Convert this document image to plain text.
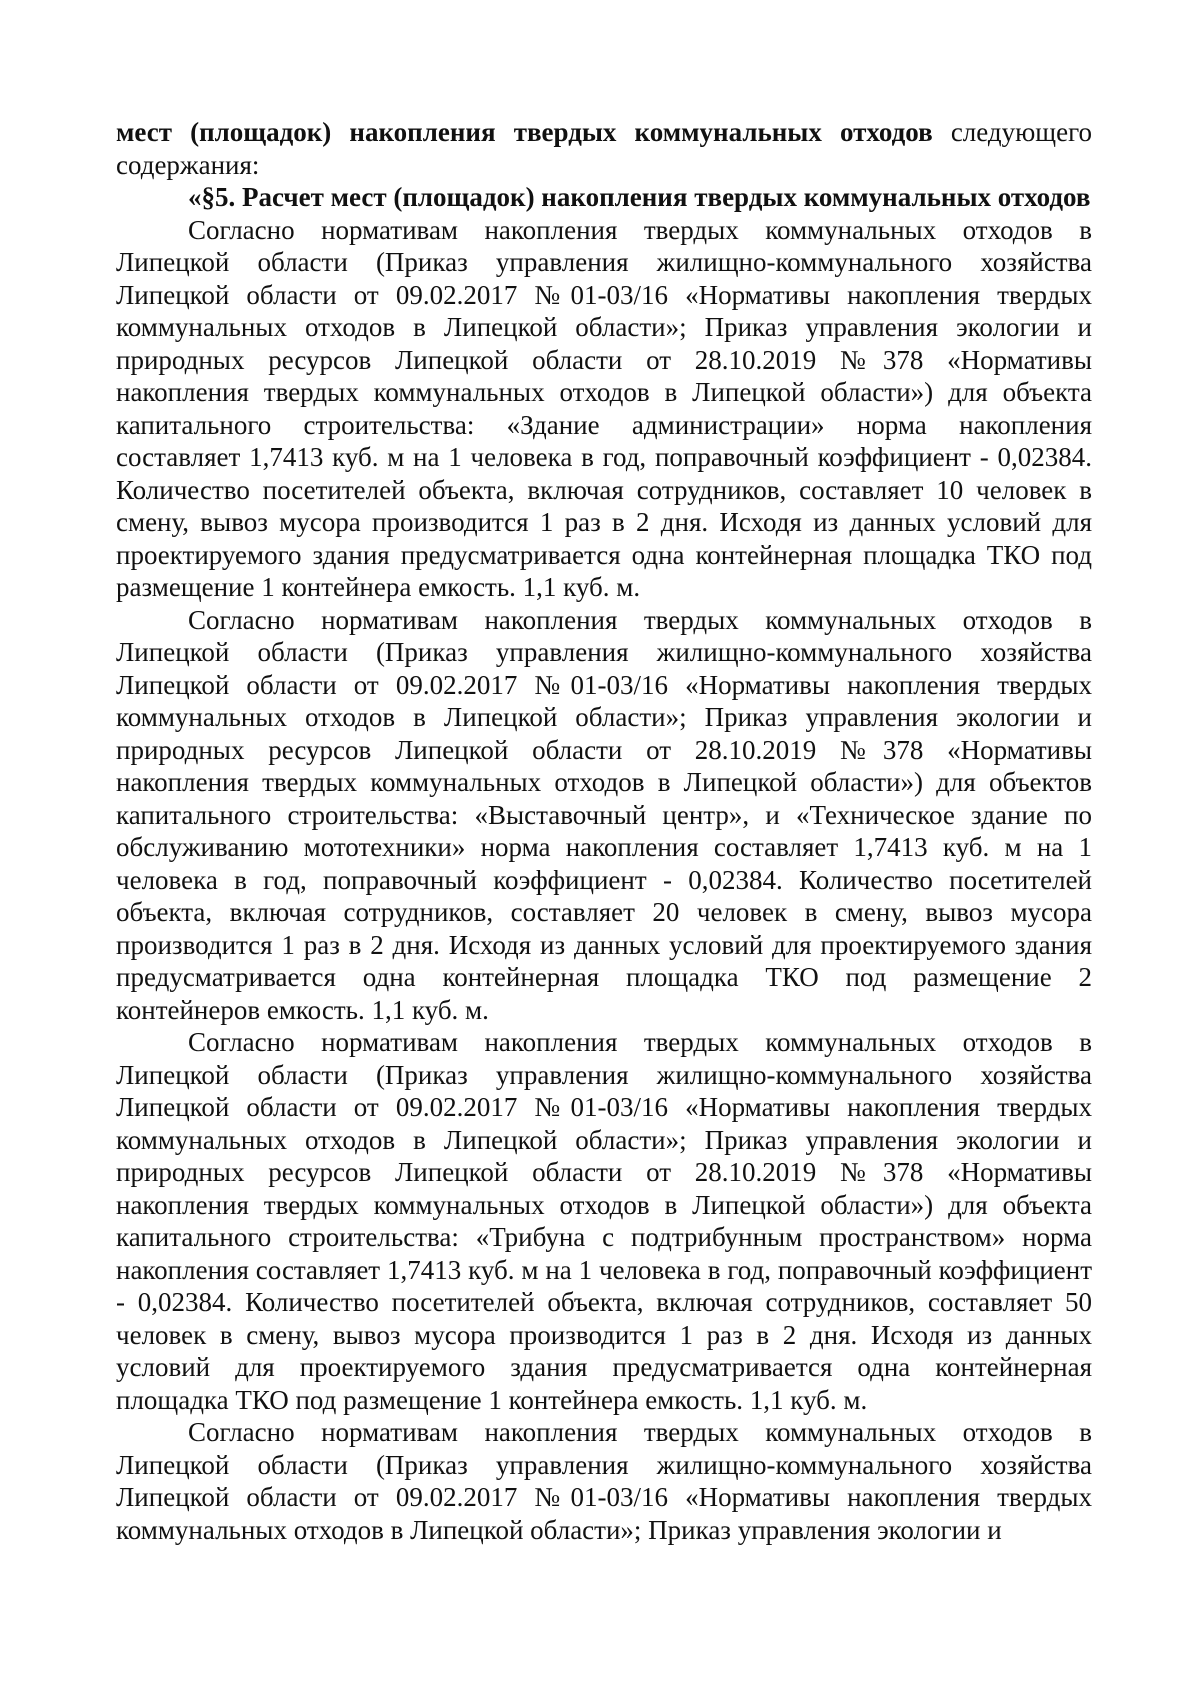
мест (площадок) накопления твердых коммунальных отходов следующего содержания:

«§5. Расчет мест (площадок) накопления твердых коммунальных отходов

Согласно нормативам накопления твердых коммунальных отходов в Липецкой области (Приказ управления жилищно-коммунального хозяйства Липецкой области от 09.02.2017 №01-03/16 «Нормативы накопления твердых коммунальных отходов в Липецкой области»; Приказ управления экологии и природных ресурсов Липецкой области от 28.10.2019 №378 «Нормативы накопления твердых коммунальных отходов в Липецкой области») для объекта капитального строительства: «Здание администрации» норма накопления составляет 1,7413 куб. м на 1 человека в год, поправочный коэффициент - 0,02384. Количество посетителей объекта, включая сотрудников, составляет 10 человек в смену, вывоз мусора производится 1 раз в 2 дня. Исходя из данных условий для проектируемого здания предусматривается одна контейнерная площадка ТКО под размещение 1 контейнера емкость. 1,1 куб. м.

Согласно нормативам накопления твердых коммунальных отходов в Липецкой области (Приказ управления жилищно-коммунального хозяйства Липецкой области от 09.02.2017 №01-03/16 «Нормативы накопления твердых коммунальных отходов в Липецкой области»; Приказ управления экологии и природных ресурсов Липецкой области от 28.10.2019 №378 «Нормативы накопления твердых коммунальных отходов в Липецкой области») для объектов капитального строительства: «Выставочный центр», и «Техническое здание по обслуживанию мототехники» норма накопления составляет 1,7413 куб. м на 1 человека в год, поправочный коэффициент - 0,02384. Количество посетителей объекта, включая сотрудников, составляет 20 человек в смену, вывоз мусора производится 1 раз в 2 дня. Исходя из данных условий для проектируемого здания предусматривается одна контейнерная площадка ТКО под размещение 2 контейнеров емкость. 1,1 куб. м.

Согласно нормативам накопления твердых коммунальных отходов в Липецкой области (Приказ управления жилищно-коммунального хозяйства Липецкой области от 09.02.2017 №01-03/16 «Нормативы накопления твердых коммунальных отходов в Липецкой области»; Приказ управления экологии и природных ресурсов Липецкой области от 28.10.2019 №378 «Нормативы накопления твердых коммунальных отходов в Липецкой области») для объекта капитального строительства: «Трибуна с подтрибунным пространством» норма накопления составляет 1,7413 куб. м на 1 человека в год, поправочный коэффициент - 0,02384. Количество посетителей объекта, включая сотрудников, составляет 50 человек в смену, вывоз мусора производится 1 раз в 2 дня. Исходя из данных условий для проектируемого здания предусматривается одна контейнерная площадка ТКО под размещение 1 контейнера емкость. 1,1 куб. м.

Согласно нормативам накопления твердых коммунальных отходов в Липецкой области (Приказ управления жилищно-коммунального хозяйства Липецкой области от 09.02.2017 №01-03/16 «Нормативы накопления твердых коммунальных отходов в Липецкой области»; Приказ управления экологии и
